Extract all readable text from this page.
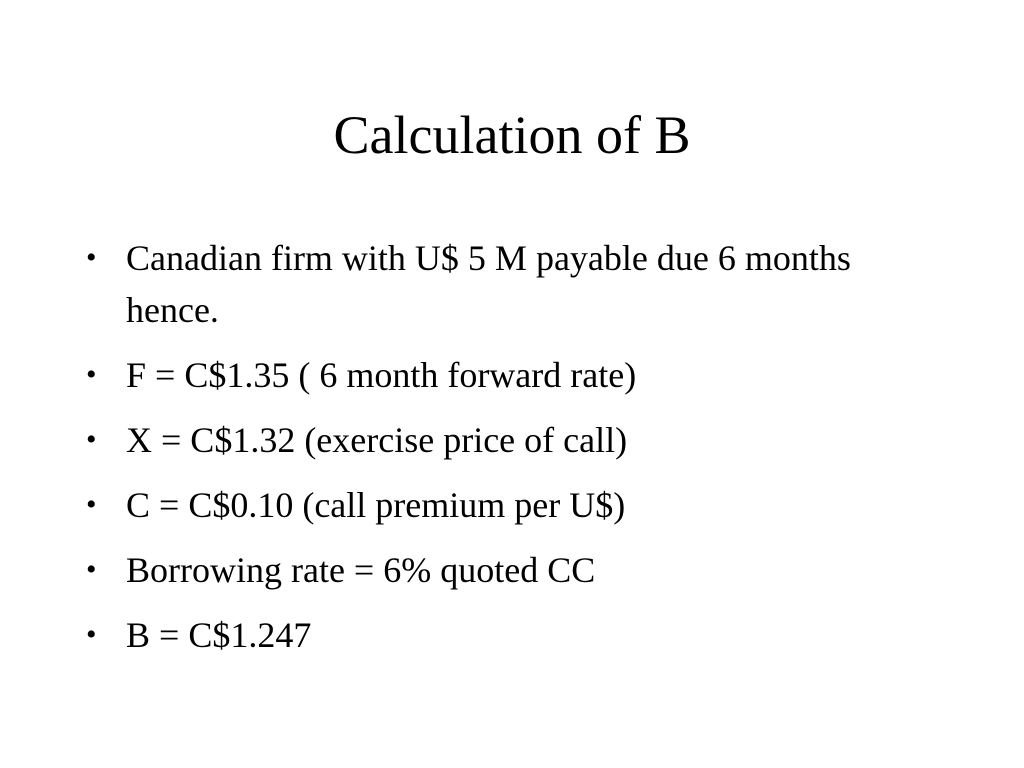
Calculation of B
• Canadian firm with U$ 5 M payable due 6 months hence.
• F = C$1.35 ( 6 month forward rate)
• X = C$1.32 (exercise price of call)
• C = C$0.10 (call premium per U$)
• Borrowing rate = 6% quoted CC
• B = C$1.247
